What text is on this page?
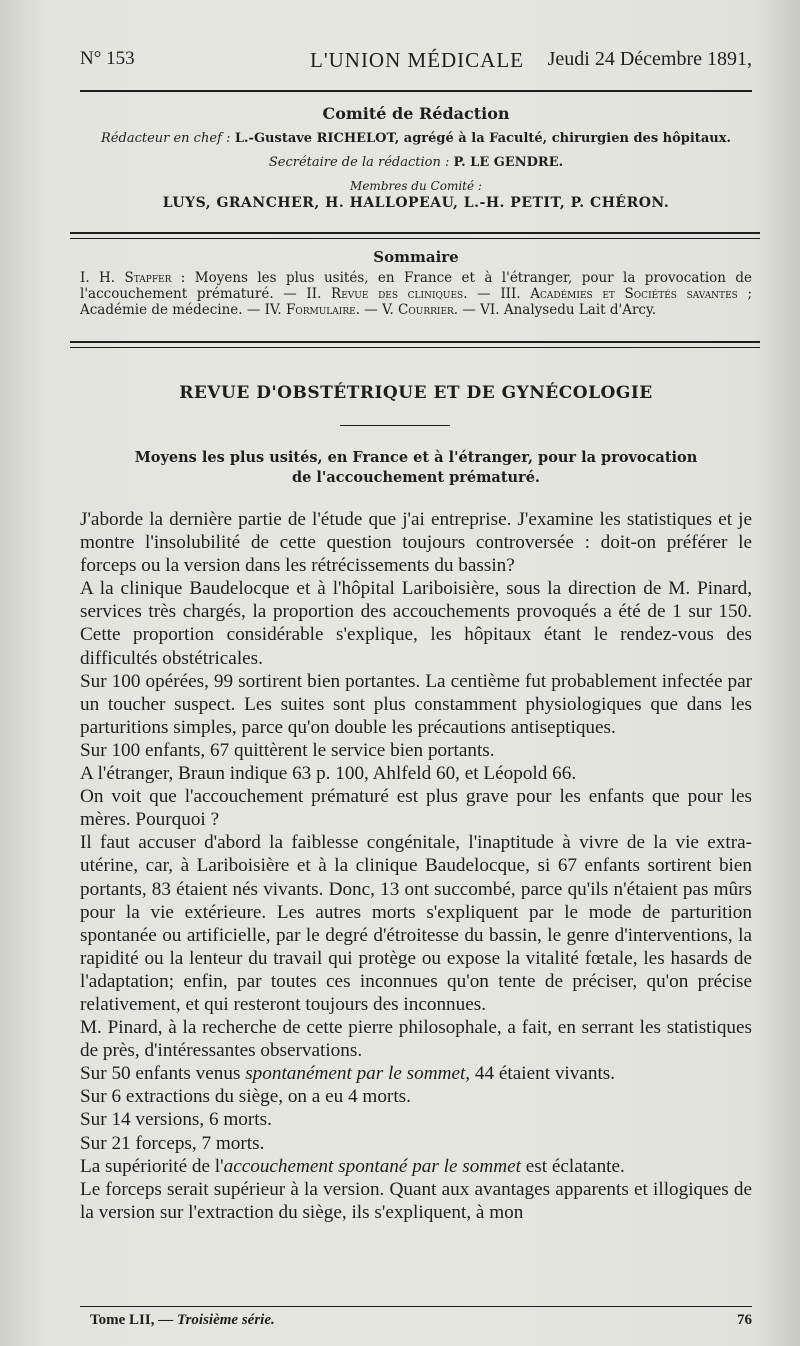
N° 153	L'UNION MÉDICALE Jeudi 24 Décembre 1891,
Comité de Rédaction
Rédacteur en chef : L.-Gustave RICHELOT, agrégé à la Faculté, chirurgien des hôpitaux.
Secrétaire de la rédaction : P. LE GENDRE.
Membres du Comité :
LUYS, GRANCHER, H. HALLOPEAU, L.-H. PETIT, P. CHÉRON.
Sommaire
I. H. Stapfer : Moyens les plus usités, en France et à l'étranger, pour la provocation de l'accouchement prématuré. — II. Revue des cliniques. — III. Académies et Sociétés savantes ; Académie de médecine. — IV. Formulaire. — V. Courrier. — VI. Analysedu Lait d'Arcy.
REVUE D'OBSTÉTRIQUE ET DE GYNÉCOLOGIE
Moyens les plus usités, en France et à l'étranger, pour la provocation
de l'accouchement prématuré.

J'aborde la dernière partie de l'étude que j'ai entreprise. J'examine les statistiques et je montre l'insolubilité de cette question toujours controversée : doit-on préférer le forceps ou la version dans les rétrécissements du bassin?

A la clinique Baudelocque et à l'hôpital Lariboisière, sous la direction de M. Pinard, services très chargés, la proportion des accouchements provoqués a été de 1 sur 150. Cette proportion considérable s'explique, les hôpitaux étant le rendez-vous des difficultés obstétricales.

Sur 100 opérées, 99 sortirent bien portantes. La centième fut probablement infectée par un toucher suspect. Les suites sont plus constamment physiologiques que dans les parturitions simples, parce qu'on double les précautions antiseptiques.

Sur 100 enfants, 67 quittèrent le service bien portants.

A l'étranger, Braun indique 63 p. 100, Ahlfeld 60, et Léopold 66.

On voit que l'accouchement prématuré est plus grave pour les enfants que pour les mères. Pourquoi ?

Il faut accuser d'abord la faiblesse congénitale, l'inaptitude à vivre de la vie extra-utérine, car, à Lariboisière et à la clinique Baudelocque, si 67 enfants sortirent bien portants, 83 étaient nés vivants. Donc, 13 ont succombé, parce qu'ils n'étaient pas mûrs pour la vie extérieure. Les autres morts s'expliquent par le mode de parturition spontanée ou artificielle, par le degré d'étroitesse du bassin, le genre d'interventions, la rapidité ou la lenteur du travail qui protège ou expose la vitalité fœtale, les hasards de l'adaptation; enfin, par toutes ces inconnues qu'on tente de préciser, qu'on précise relativement, et qui resteront toujours des inconnues.

M. Pinard, à la recherche de cette pierre philosophale, a fait, en serrant les statistiques de près, d'intéressantes observations.

Sur 50 enfants venus spontanément par le sommet, 44 étaient vivants.

Sur 6 extractions du siège, on a eu 4 morts.

Sur 14 versions, 6 morts.

Sur 21 forceps, 7 morts.

La supériorité de l'accouchement spontané par le sommet est éclatante.

Le forceps serait supérieur à la version. Quant aux avantages apparents et illogiques de la version sur l'extraction du siège, ils s'expliquent, à mon

Tome LII, — Troisième série.	76
